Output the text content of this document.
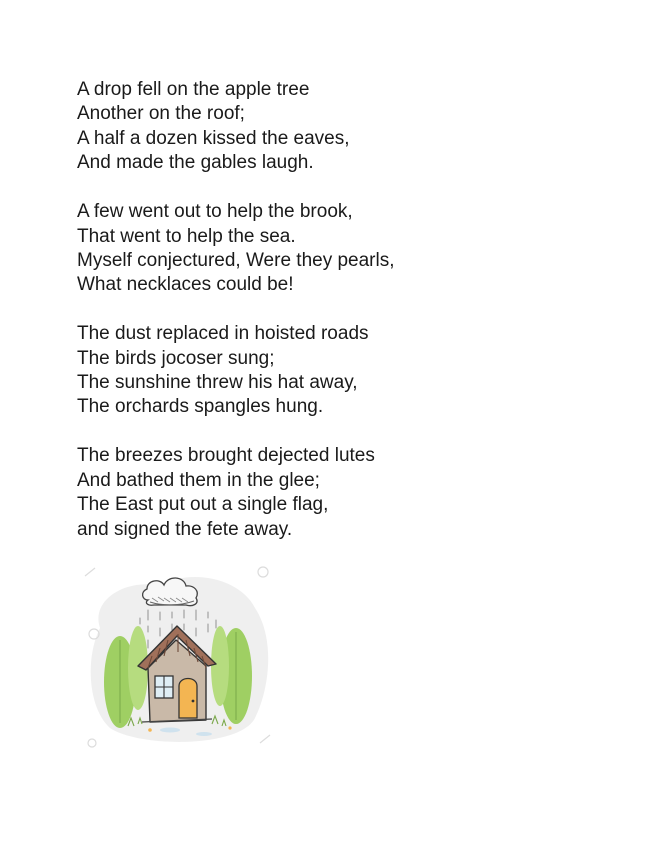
A drop fell on the apple tree
Another on the roof;
A half a dozen kissed the eaves,
And made the gables laugh.
A few went out to help the brook,
That went to help the sea.
Myself conjectured, Were they pearls,
What necklaces could be!
The dust replaced in hoisted roads
The birds jocoser sung;
The sunshine threw his hat away,
The orchards spangles hung.
The breezes brought dejected lutes
And bathed them in the glee;
The East put out a single flag,
and signed the fete away.
